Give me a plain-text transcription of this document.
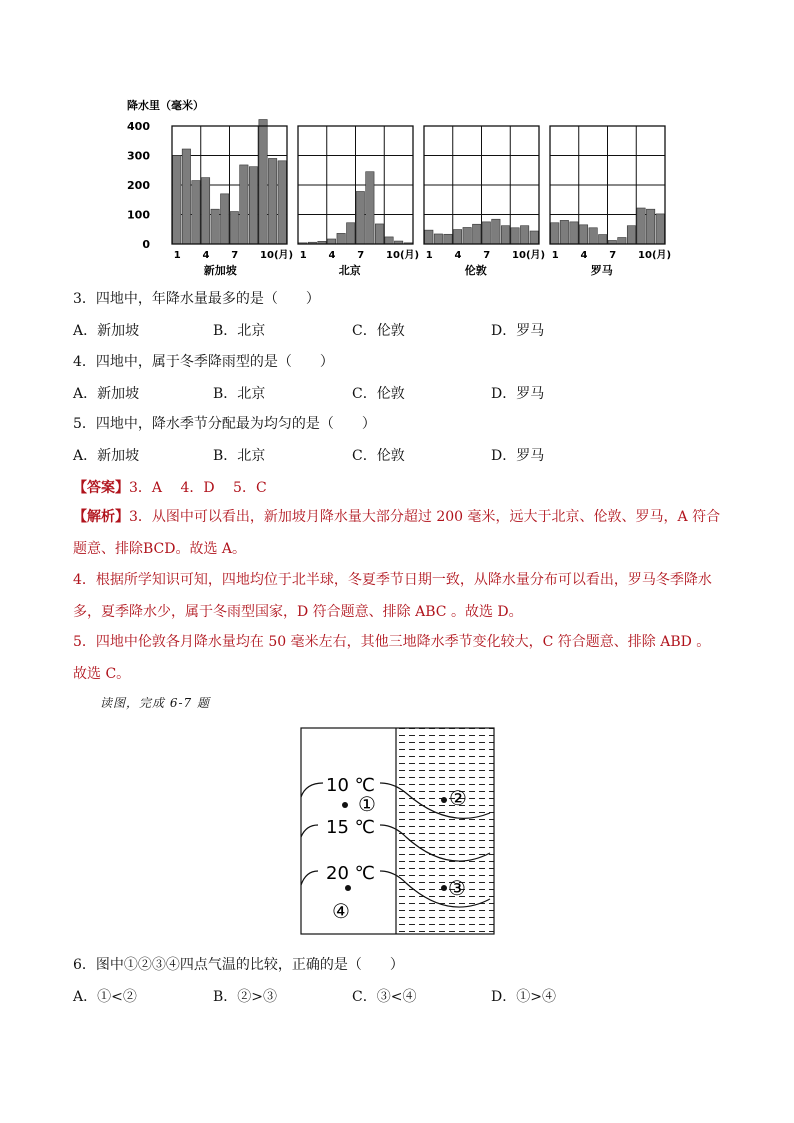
降水里（毫米）
400
300
200
100
0
1 4 7 10(月)
新加坡
1 4 7 10(月)
北京
1 4 7 10(月)
伦敦
1 4 7 10(月)
罗马
3．四地中，年降水量最多的是（　　）
A．新加坡	B．北京	C．伦敦	D．罗马
4．四地中，属于冬季降雨型的是（　　）
A．新加坡	B．北京	C．伦敦	D．罗马
5．四地中，降水季节分配最为均匀的是（　　）
A．新加坡	B．北京	C．伦敦	D．罗马
【答案】3．A　 4．D　 5．C
【解析】3．从图中可以看出，新加坡月降水量大部分超过 200 毫米，远大于北京、伦敦、罗马，A 符合题意、排除BCD。故选 A。
4．根据所学知识可知，四地均位于北半球，冬夏季节日期一致，从降水量分布可以看出，罗马冬季降水多，夏季降水少，属于冬雨型国家，D 符合题意、排除 ABC 。故选 D。
5．四地中伦敦各月降水量均在 50 毫米左右，其他三地降水季节变化较大，C 符合题意、排除 ABD 。故选 C。
读图，完成 6-7 题
10 ℃
15 ℃
20 ℃
①	②
③
④
6．图中①②③④四点气温的比较，正确的是（　　）
A．①<②	B．②>③	C．③<④	D．①>④
